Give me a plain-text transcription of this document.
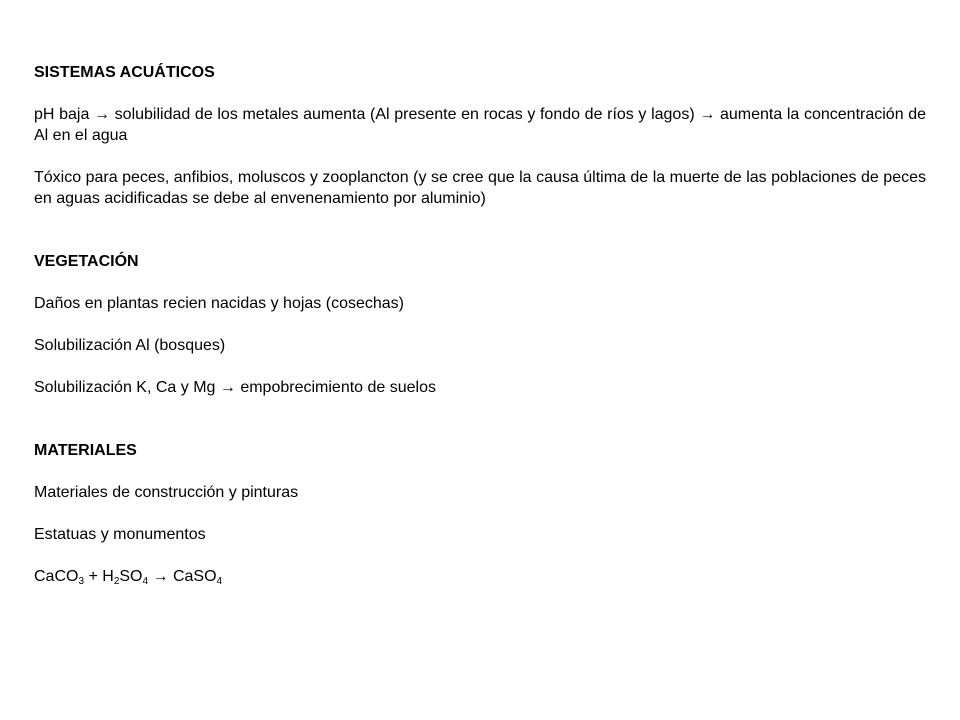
SISTEMAS ACUÁTICOS

pH baja → solubilidad de los metales aumenta (Al presente en rocas y fondo de ríos y lagos) → aumenta la concentración de Al en el agua

Tóxico para peces, anfibios, moluscos y zooplancton (y se cree que la causa última de la muerte de las poblaciones de peces en aguas acidificadas se debe al envenenamiento por aluminio)

VEGETACIÓN

Daños en plantas recien nacidas y hojas (cosechas)

Solubilización Al (bosques)

Solubilización K, Ca y Mg → empobrecimiento de suelos

MATERIALES

Materiales de construcción y pinturas

Estatuas y monumentos

CaCO$_3$ + $H_2SO_4$ → CaSO$_4$
